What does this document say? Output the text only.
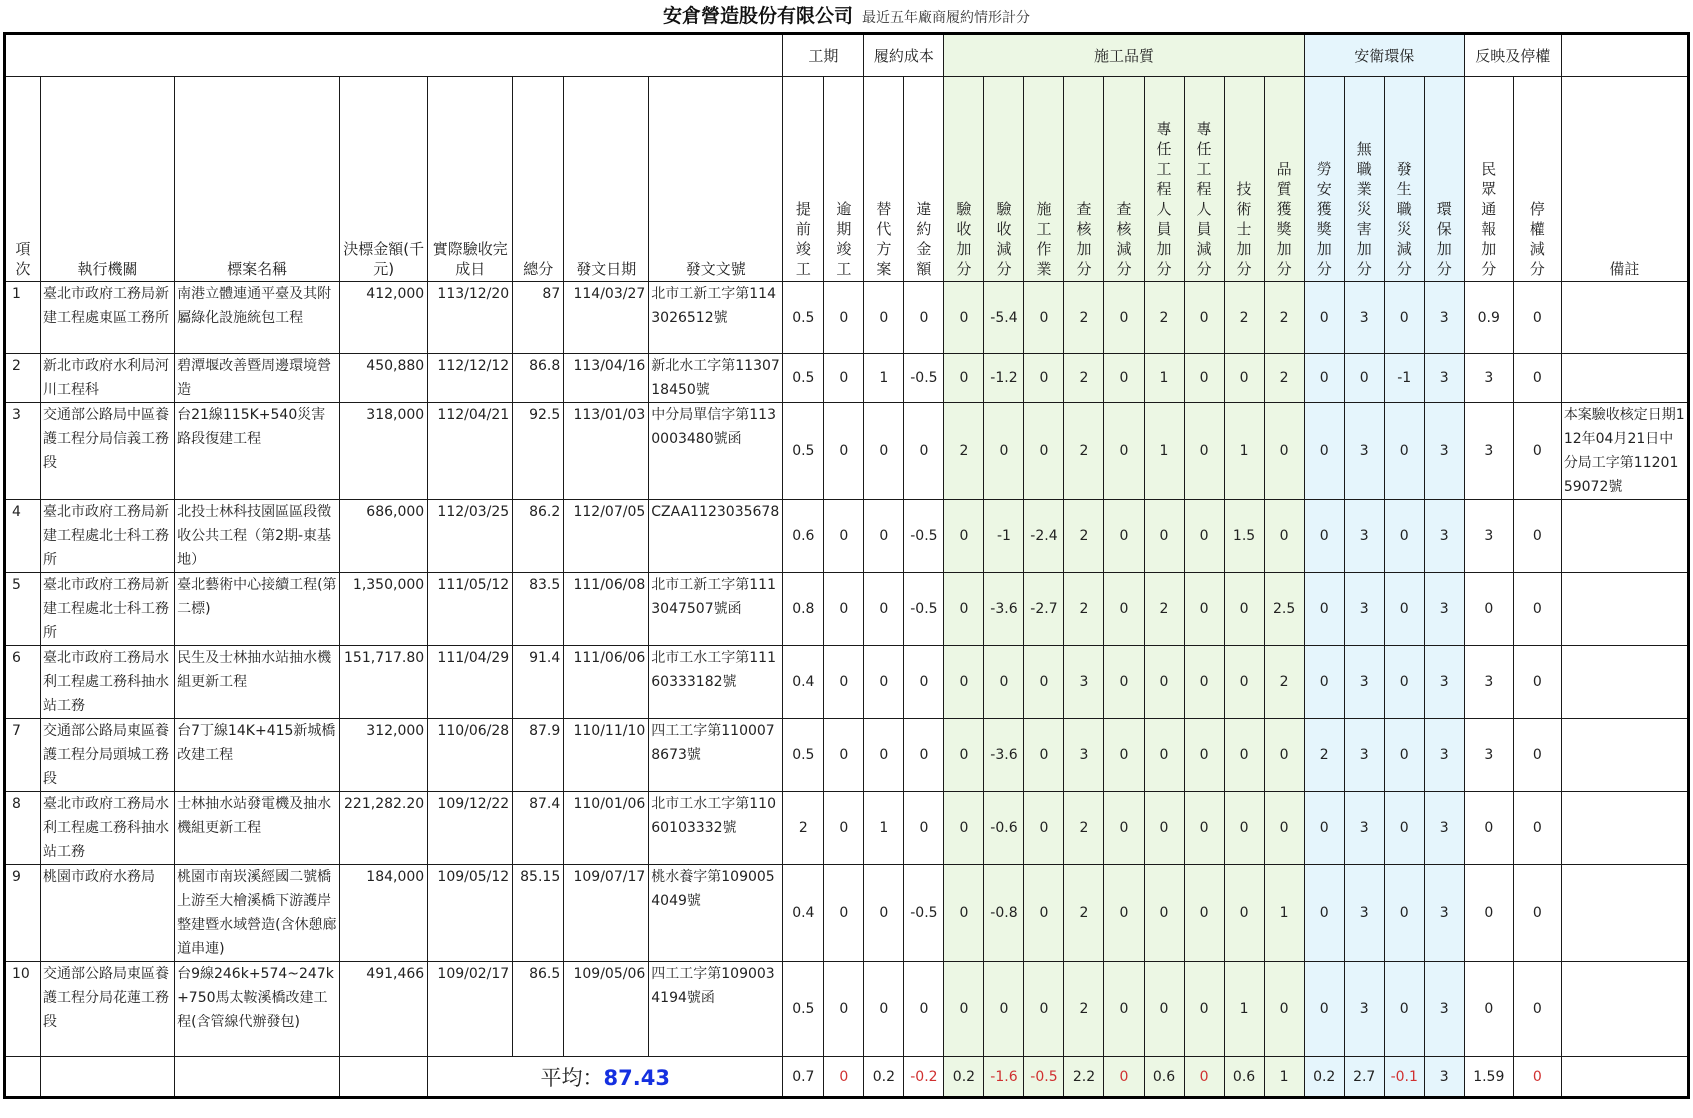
安倉營造股份有限公司 最近五年廠商履約情形計分
								工期		履約成本		施工品質									安衛環保				反映及停權		

項次	執行機關	標案名稱	決標金額(千元)	實際驗收完成日	總分	發文日期	發文文號	提前竣工	逾期竣工	替代方案	違約金額	驗收加分	驗收減分	施工作業	查核加分	查核減分	專任工程人員加分	專任工程人員減分	技術士加分	品質獲獎加分	勞安獲獎加分	無職業災害加分	發生職災減分	環保加分	民眾通報加分	停權減分	備註
1	臺北市政府工務局新建工程處東區工務所	南港立體連通平臺及其附屬綠化設施統包工程	412,000	113/12/20	87	114/03/27	北市工新工字第1143026512號	0.5	0	0	0	0	-5.4	0	2	0	2	0	2	2	0	3	0	3	0.9	0	
2	新北市政府水利局河川工程科	碧潭堰改善暨周邊環境營造	450,880	112/12/12	86.8	113/04/16	新北水工字第1130718450號	0.5	0	1	-0.5	0	-1.2	0	2	0	1	0	0	2	0	0	-1	3	3	0	
3	交通部公路局中區養護工程分局信義工務段	台21線115K+540災害路段復建工程	318,000	112/04/21	92.5	113/01/03	中分局單信字第1130003480號函	0.5	0	0	0	2	0	0	2	0	1	0	1	0	0	3	0	3	3	0	本案驗收核定日期112年04月21日中分局工字第1120159072號
4	臺北市政府工務局新建工程處北士科工務所	北投士林科技園區區段徵收公共工程（第2期-東基地）	686,000	112/03/25	86.2	112/07/05	CZAA1123035678	0.6	0	0	-0.5	0	-1	-2.4	2	0	0	0	1.5	0	0	3	0	3	3	0	
5	臺北市政府工務局新建工程處北士科工務所	臺北藝術中心接續工程(第二標)	1,350,000	111/05/12	83.5	111/06/08	北市工新工字第1113047507號函	0.8	0	0	-0.5	0	-3.6	-2.7	2	0	2	0	0	2.5	0	3	0	3	0	0	
6	臺北市政府工務局水利工程處工務科抽水站工務	民生及士林抽水站抽水機組更新工程	151,717.80	111/04/29	91.4	111/06/06	北市工水工字第11160333182號	0.4	0	0	0	0	0	0	3	0	0	0	0	2	0	3	0	3	3	0	
7	交通部公路局東區養護工程分局頭城工務段	台7丁線14K+415新城橋改建工程	312,000	110/06/28	87.9	110/11/10	四工工字第1100078673號	0.5	0	0	0	0	-3.6	0	3	0	0	0	0	0	2	3	0	3	3	0	
8	臺北市政府工務局水利工程處工務科抽水站工務	士林抽水站發電機及抽水機組更新工程	221,282.20	109/12/22	87.4	110/01/06	北市工水工字第11060103332號	2	0	1	0	0	-0.6	0	2	0	0	0	0	0	0	3	0	3	0	0	
9	桃園市政府水務局	桃園市南崁溪經國二號橋上游至大檜溪橋下游護岸整建暨水域營造(含休憩廊道串連)	184,000	109/05/12	85.15	109/07/17	桃水養字第1090054049號	0.4	0	0	-0.5	0	-0.8	0	2	0	0	0	0	1	0	3	0	3	0	0	
10	交通部公路局東區養護工程分局花蓮工務段	台9線246k+574~247k+750馬太鞍溪橋改建工程(含管線代辦發包)	491,466	109/02/17	86.5	109/05/06	四工工字第1090034194號函	0.5	0	0	0	0	0	0	2	0	0	0	1	0	0	3	0	3	0	0	
				平均：87.43				0.7	0	0.2	-0.2	0.2	-1.6	-0.5	2.2	0	0.6	0	0.6	1	0.2	2.7	-0.1	3	1.59	0	
